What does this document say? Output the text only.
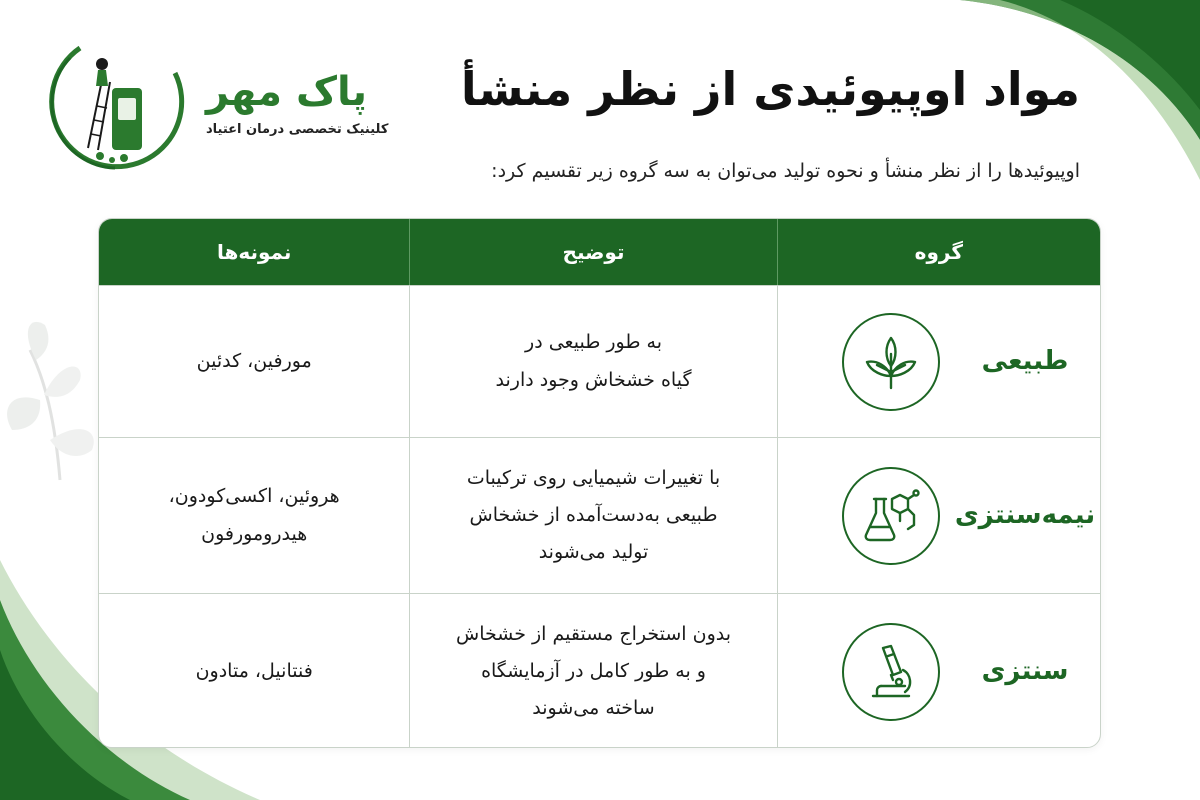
پاک مهر
کلینیک تخصصی درمان اعتیاد
مواد اوپیوئیدی از نظر منشأ
اوپیوئیدها را از نظر منشأ و نحوه تولید می‌توان به سه گروه زیر تقسیم کرد:
گروه
توضیح
نمونه‌ها
طبیعی
به طور طبیعی در
گیاه خشخاش وجود دارند
مورفین، کدئین
نیمه‌سنتزی
با تغییرات شیمیایی روی ترکیبات
طبیعی به‌دست‌آمده از خشخاش
تولید می‌شوند
هروئین، اکسی‌کودون،
هیدرومورفون
سنتزی
بدون استخراج مستقیم از خشخاش
و به طور کامل در آزمایشگاه
ساخته می‌شوند
فنتانیل، متادون
